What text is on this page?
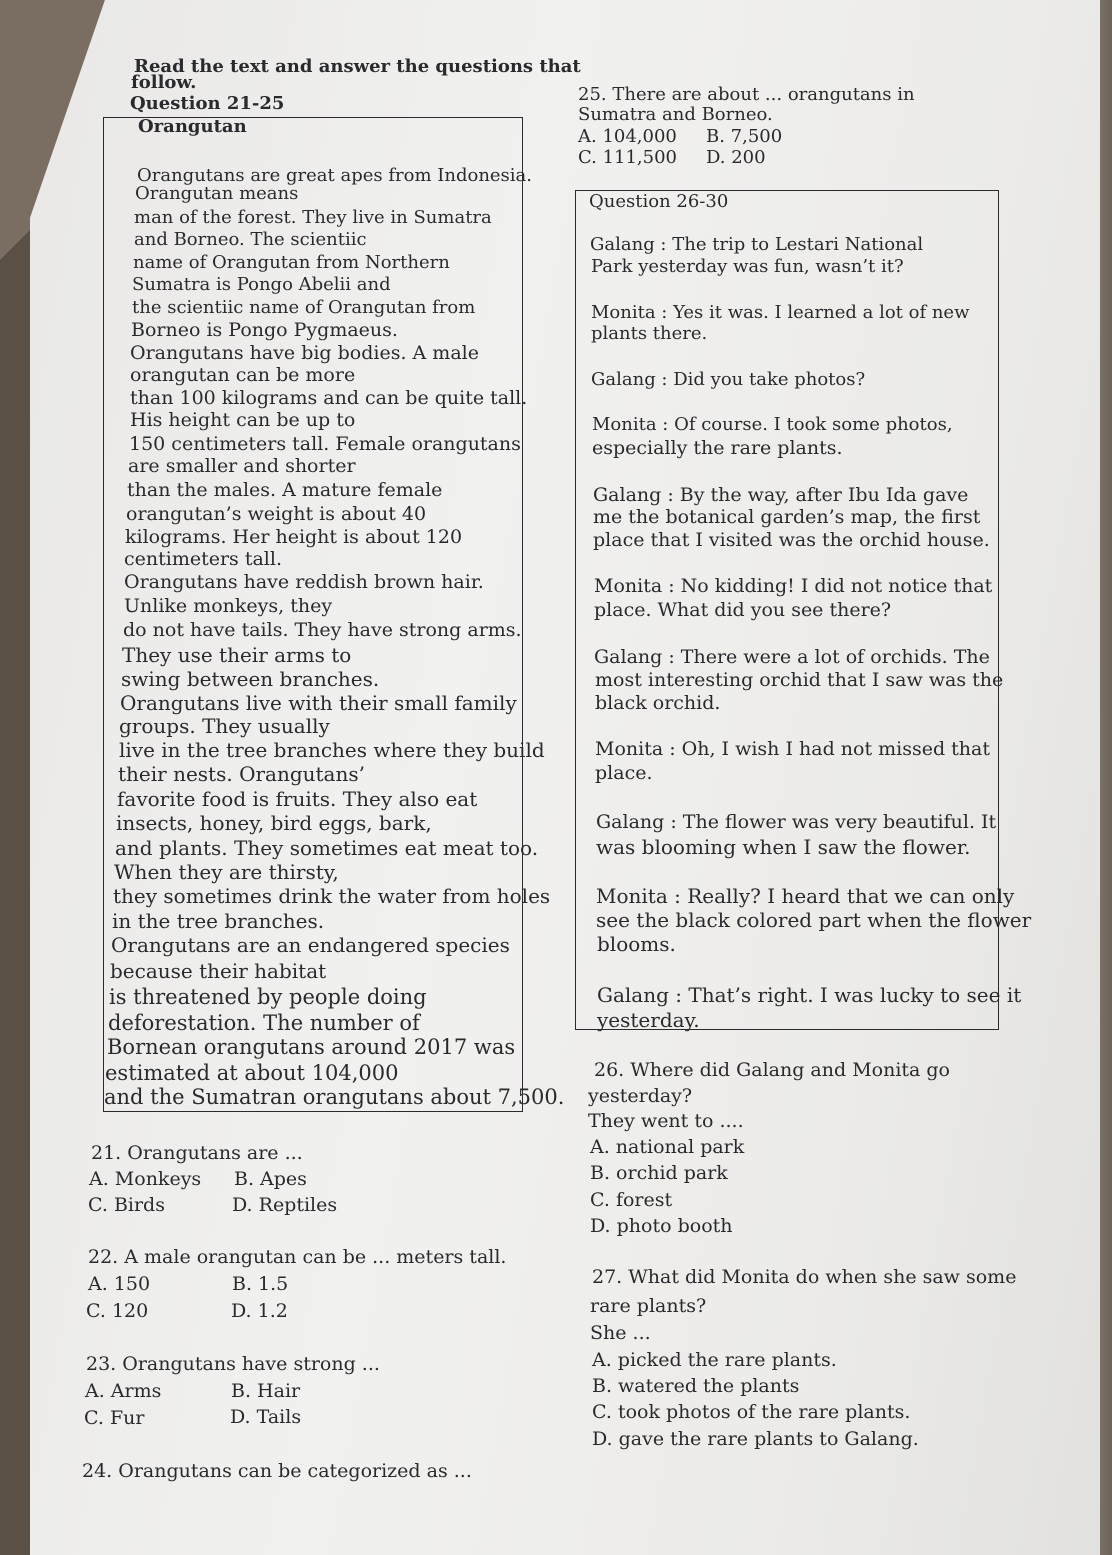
Read the text and answer the questions that
follow.
Question 21-25
Orangutan
Orangutans are great apes from Indonesia.
Orangutan means
man of the forest. They live in Sumatra
and Borneo. The scientiic
name of Orangutan from Northern
Sumatra is Pongo Abelii and
the scientiic name of Orangutan from
Borneo is Pongo Pygmaeus.
Orangutans have big bodies. A male
orangutan can be more
than 100 kilograms and can be quite tall.
His height can be up to
150 centimeters tall. Female orangutans
are smaller and shorter
than the males. A mature female
orangutan’s weight is about 40
kilograms. Her height is about 120
centimeters tall.
Orangutans have reddish brown hair.
Unlike monkeys, they
do not have tails. They have strong arms.
They use their arms to
swing between branches.
Orangutans live with their small family
groups. They usually
live in the tree branches where they build
their nests. Orangutans’
favorite food is fruits. They also eat
insects, honey, bird eggs, bark,
and plants. They sometimes eat meat too.
When they are thirsty,
they sometimes drink the water from holes
in the tree branches.
Orangutans are an endangered species
because their habitat
is threatened by people doing
deforestation. The number of
Bornean orangutans around 2017 was
estimated at about 104,000
and the Sumatran orangutans about 7,500.
25. There are about ... orangutans in
Sumatra and Borneo.
A. 104,000 B. 7,500
C. 111,500 D. 200
Question 26-30
Galang : The trip to Lestari National
Park yesterday was fun, wasn’t it?
Monita : Yes it was. I learned a lot of new
plants there.
Galang : Did you take photos?
Monita : Of course. I took some photos,
especially the rare plants.
Galang : By the way, after Ibu Ida gave
me the botanical garden’s map, the first
place that I visited was the orchid house.
Monita : No kidding! I did not notice that
place. What did you see there?
Galang : There were a lot of orchids. The
most interesting orchid that I saw was the
black orchid.
Monita : Oh, I wish I had not missed that
place.
Galang : The flower was very beautiful. It
was blooming when I saw the flower.
Monita : Really? I heard that we can only
see the black colored part when the flower
blooms.
Galang : That’s right. I was lucky to see it
yesterday.
21. Orangutans are ...
A. Monkeys B. Apes
C. Birds	D. Reptiles
22. A male orangutan can be ... meters tall.
A. 150	B. 1.5
C. 120	D. 1.2
23. Orangutans have strong ...
A. Arms	B. Hair
C. Fur	D. Tails
24. Orangutans can be categorized as ...
26. Where did Galang and Monita go
yesterday?
They went to ....
A. national park
B. orchid park
C. forest
D. photo booth
27. What did Monita do when she saw some
rare plants?
She ...
A. picked the rare plants.
B. watered the plants
C. took photos of the rare plants.
D. gave the rare plants to Galang.
